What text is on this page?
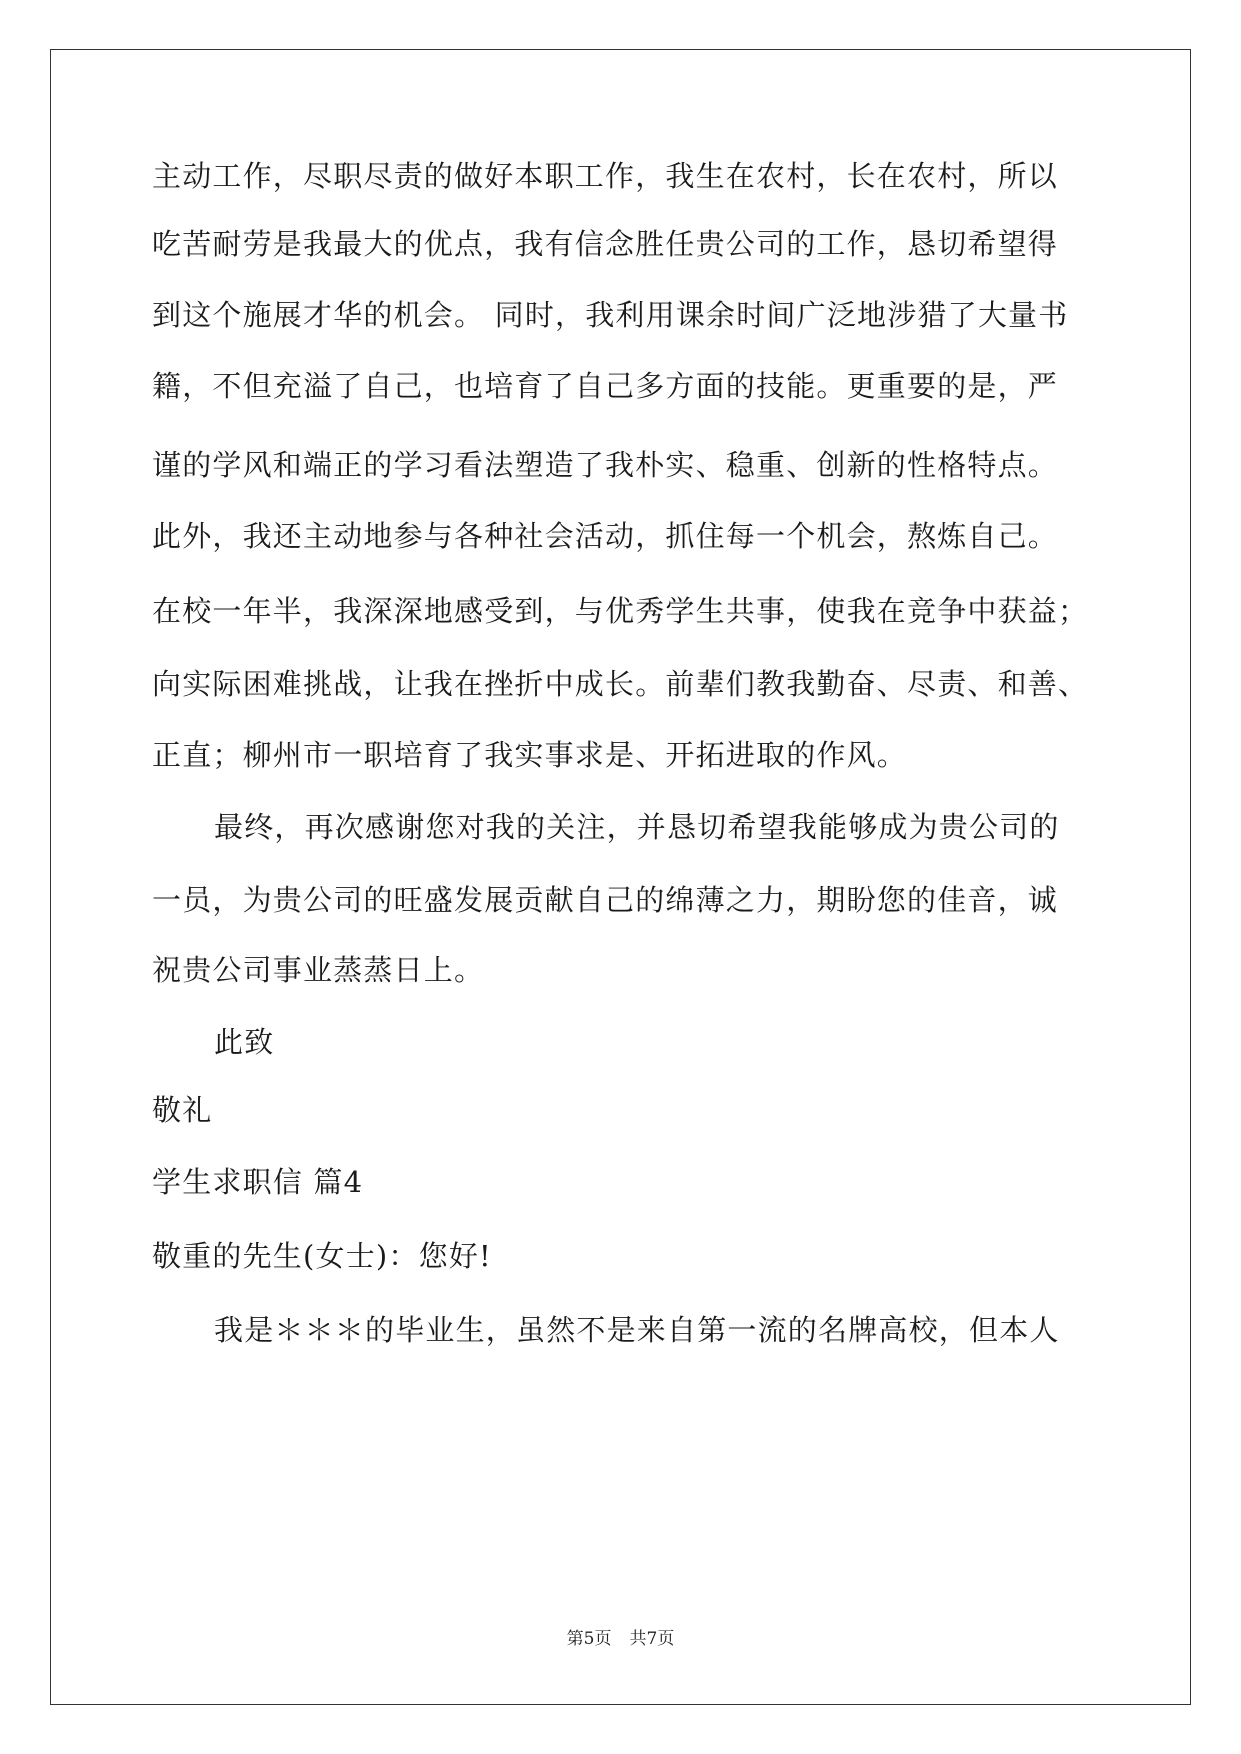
主动工作，尽职尽责的做好本职工作，我生在农村，长在农村，所以
吃苦耐劳是我最大的优点，我有信念胜任贵公司的工作，恳切希望得
到这个施展才华的机会。 同时，我利用课余时间广泛地涉猎了大量书
籍，不但充溢了自己，也培育了自己多方面的技能。更重要的是，严
谨的学风和端正的学习看法塑造了我朴实、稳重、创新的性格特点。
此外，我还主动地参与各种社会活动，抓住每一个机会，熬炼自己。
在校一年半，我深深地感受到，与优秀学生共事，使我在竞争中获益；
向实际困难挑战，让我在挫折中成长。前辈们教我勤奋、尽责、和善、
正直；柳州市一职培育了我实事求是、开拓进取的作风。
最终，再次感谢您对我的关注，并恳切希望我能够成为贵公司的
一员，为贵公司的旺盛发展贡献自己的绵薄之力，期盼您的佳音，诚
祝贵公司事业蒸蒸日上。
此致
敬礼
学生求职信 篇4
敬重的先生(女士)：您好!
我是＊＊＊的毕业生，虽然不是来自第一流的名牌高校，但本人
第5页 共7页
